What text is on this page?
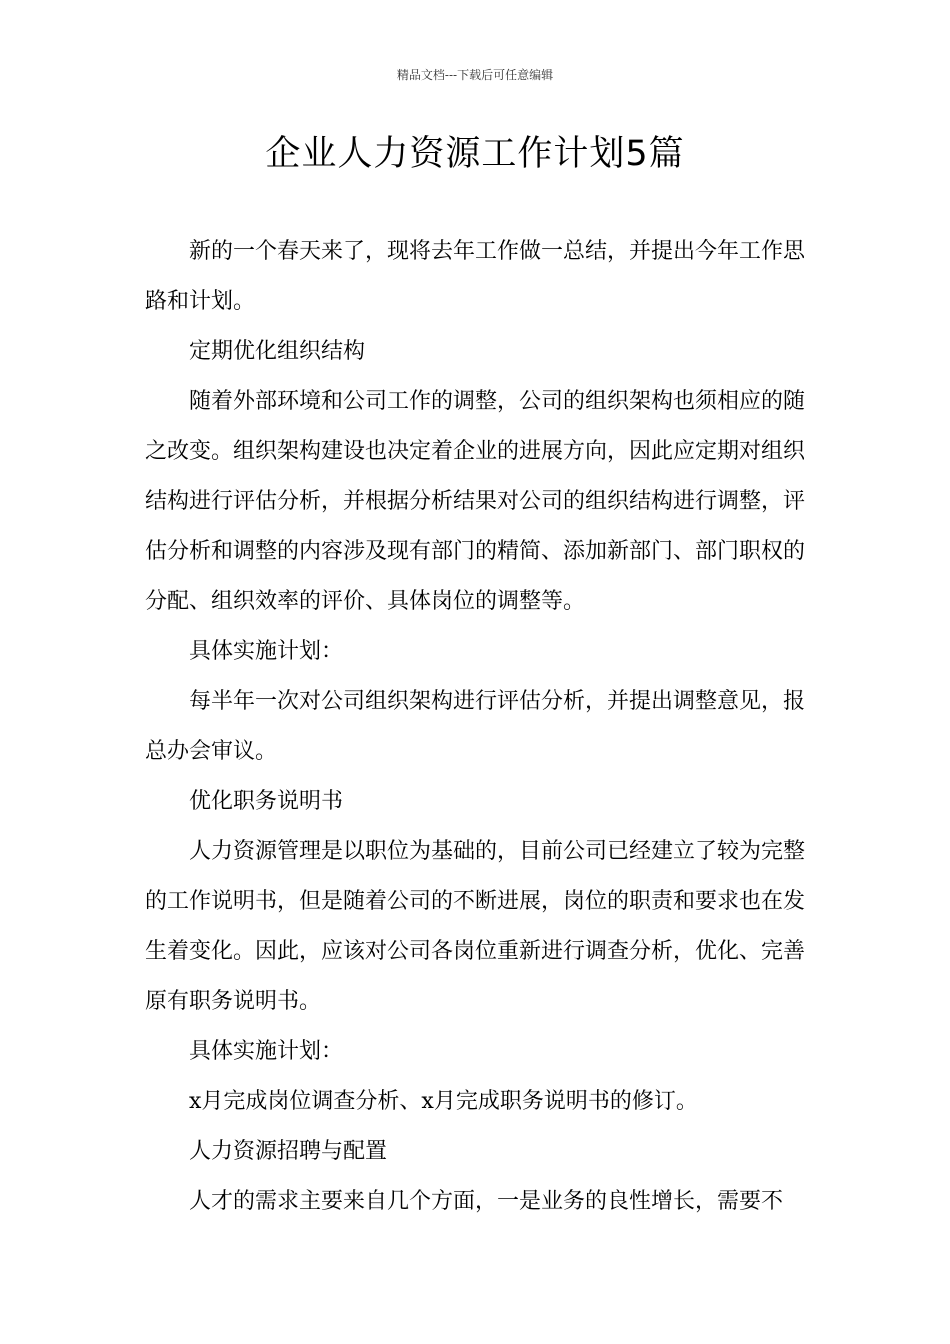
精品文档---下载后可任意编辑
企业人力资源工作计划5篇

新的一个春天来了，现将去年工作做一总结，并提出今年工作思路和计划。

定期优化组织结构

随着外部环境和公司工作的调整，公司的组织架构也须相应的随之改变。组织架构建设也决定着企业的进展方向，因此应定期对组织结构进行评估分析，并根据分析结果对公司的组织结构进行调整，评估分析和调整的内容涉及现有部门的精简、添加新部门、部门职权的分配、组织效率的评价、具体岗位的调整等。

具体实施计划：

每半年一次对公司组织架构进行评估分析，并提出调整意见，报总办会审议。

优化职务说明书

人力资源管理是以职位为基础的，目前公司已经建立了较为完整的工作说明书，但是随着公司的不断进展，岗位的职责和要求也在发生着变化。因此，应该对公司各岗位重新进行调查分析，优化、完善原有职务说明书。

具体实施计划：

x月完成岗位调查分析、x月完成职务说明书的修订。

人力资源招聘与配置

人才的需求主要来自几个方面，一是业务的良性增长，需要不
